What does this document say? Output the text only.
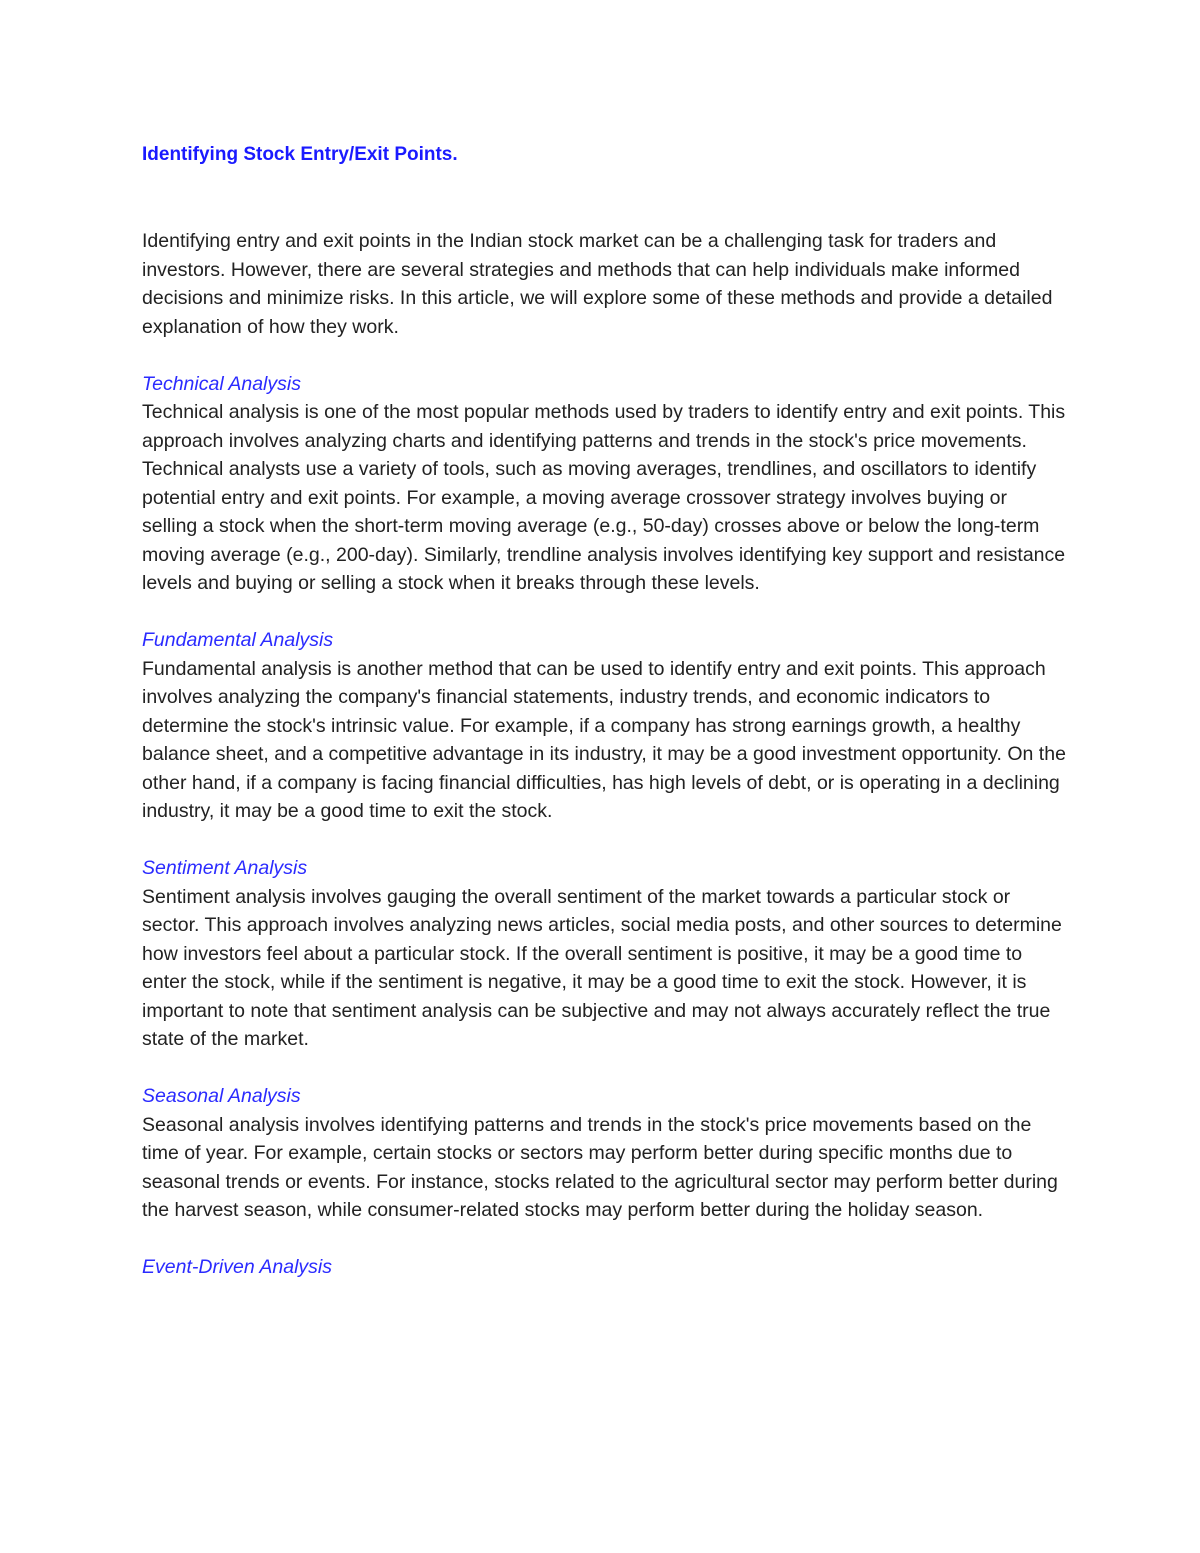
Identifying Stock Entry/Exit Points.

Identifying entry and exit points in the Indian stock market can be a challenging task for traders and investors. However, there are several strategies and methods that can help individuals make informed decisions and minimize risks. In this article, we will explore some of these methods and provide a detailed explanation of how they work.

Technical Analysis

Technical analysis is one of the most popular methods used by traders to identify entry and exit points. This approach involves analyzing charts and identifying patterns and trends in the stock's price movements. Technical analysts use a variety of tools, such as moving averages, trendlines, and oscillators to identify potential entry and exit points. For example, a moving average crossover strategy involves buying or selling a stock when the short-term moving average (e.g., 50-day) crosses above or below the long-term moving average (e.g., 200-day). Similarly, trendline analysis involves identifying key support and resistance levels and buying or selling a stock when it breaks through these levels.

Fundamental Analysis

Fundamental analysis is another method that can be used to identify entry and exit points. This approach involves analyzing the company's financial statements, industry trends, and economic indicators to determine the stock's intrinsic value. For example, if a company has strong earnings growth, a healthy balance sheet, and a competitive advantage in its industry, it may be a good investment opportunity. On the other hand, if a company is facing financial difficulties, has high levels of debt, or is operating in a declining industry, it may be a good time to exit the stock.

Sentiment Analysis

Sentiment analysis involves gauging the overall sentiment of the market towards a particular stock or sector. This approach involves analyzing news articles, social media posts, and other sources to determine how investors feel about a particular stock. If the overall sentiment is positive, it may be a good time to enter the stock, while if the sentiment is negative, it may be a good time to exit the stock. However, it is important to note that sentiment analysis can be subjective and may not always accurately reflect the true state of the market.

Seasonal Analysis

Seasonal analysis involves identifying patterns and trends in the stock's price movements based on the time of year. For example, certain stocks or sectors may perform better during specific months due to seasonal trends or events. For instance, stocks related to the agricultural sector may perform better during the harvest season, while consumer-related stocks may perform better during the holiday season.

Event-Driven Analysis
